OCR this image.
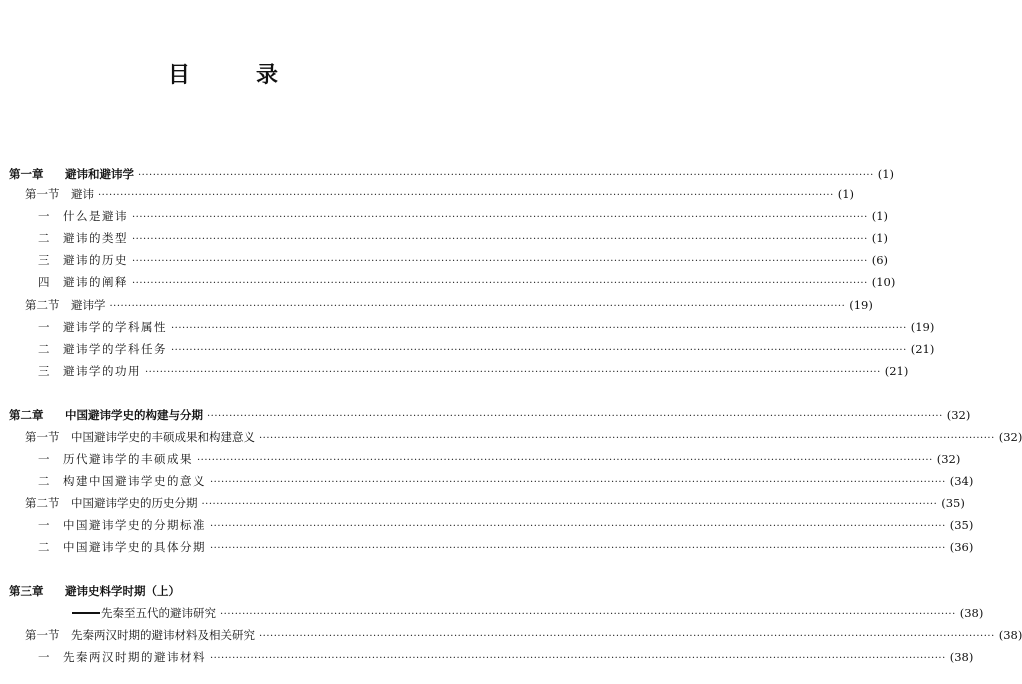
目　录
第一章 避讳和避讳学 ········································································································································································································ (1)
第一节 避讳 ········································································································································································································ (1)
一 什么是避讳 ········································································································································································································ (1)
二 避讳的类型 ········································································································································································································ (1)
三 避讳的历史 ········································································································································································································ (6)
四 避讳的阐释 ········································································································································································································ (10)
第二节 避讳学 ········································································································································································································ (19)
一 避讳学的学科属性 ········································································································································································································ (19)
二 避讳学的学科任务 ········································································································································································································ (21)
三 避讳学的功用 ········································································································································································································ (21)
第二章 中国避讳学史的构建与分期 ········································································································································································································ (32)
第一节 中国避讳学史的丰硕成果和构建意义 ········································································································································································································ (32)
一 历代避讳学的丰硕成果 ········································································································································································································ (32)
二 构建中国避讳学史的意义 ········································································································································································································ (34)
第二节 中国避讳学史的历史分期 ········································································································································································································ (35)
一 中国避讳学史的分期标准 ········································································································································································································ (35)
二 中国避讳学史的具体分期 ········································································································································································································ (36)
第三章 避讳史料学时期（上）
先秦至五代的避讳研究 ········································································································································································································ (38)
第一节 先秦两汉时期的避讳材料及相关研究 ········································································································································································································ (38)
一 先秦两汉时期的避讳材料 ········································································································································································································ (38)
